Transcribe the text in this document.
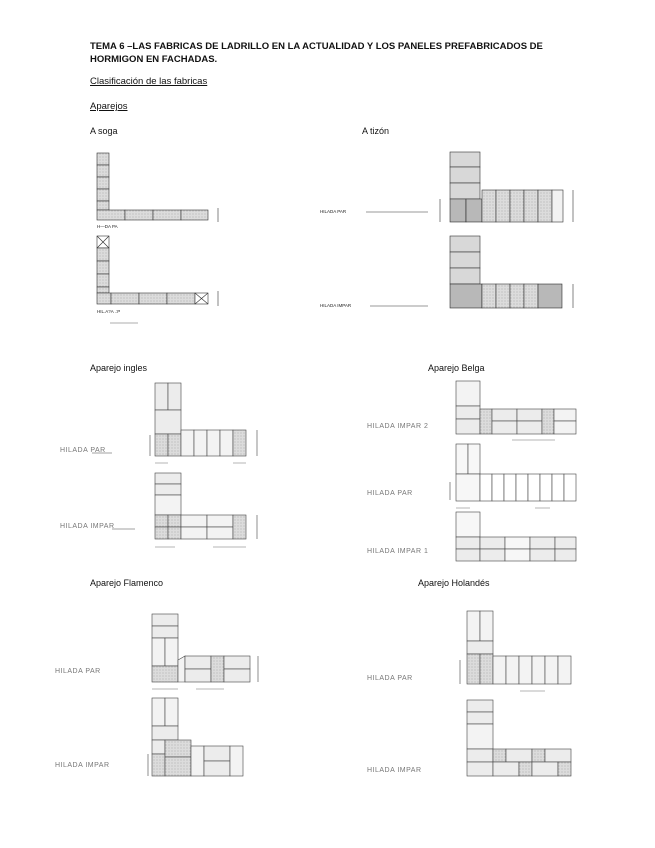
TEMA 6 –LAS FABRICAS DE LADRILLO EN LA ACTUALIDAD Y LOS PANELES PREFABRICADOS DE HORMIGON EN FACHADAS.
Clasificación de las fabricas
Aparejos
A soga	A tizón
Aparejo ingles	Aparejo Belga
Aparejo Flamenco	Aparejo Holandés
H—DA PA
HIL.A?A .:P
HILADA PAR
HILADA IMPAR
HILADA PAR
HILADA IMPAR
HILADA IMPAR 2
HILADA PAR
HILADA IMPAR 1
HILADA PAR
HILADA IMPAR
HILADA PAR
HILADA IMPAR
